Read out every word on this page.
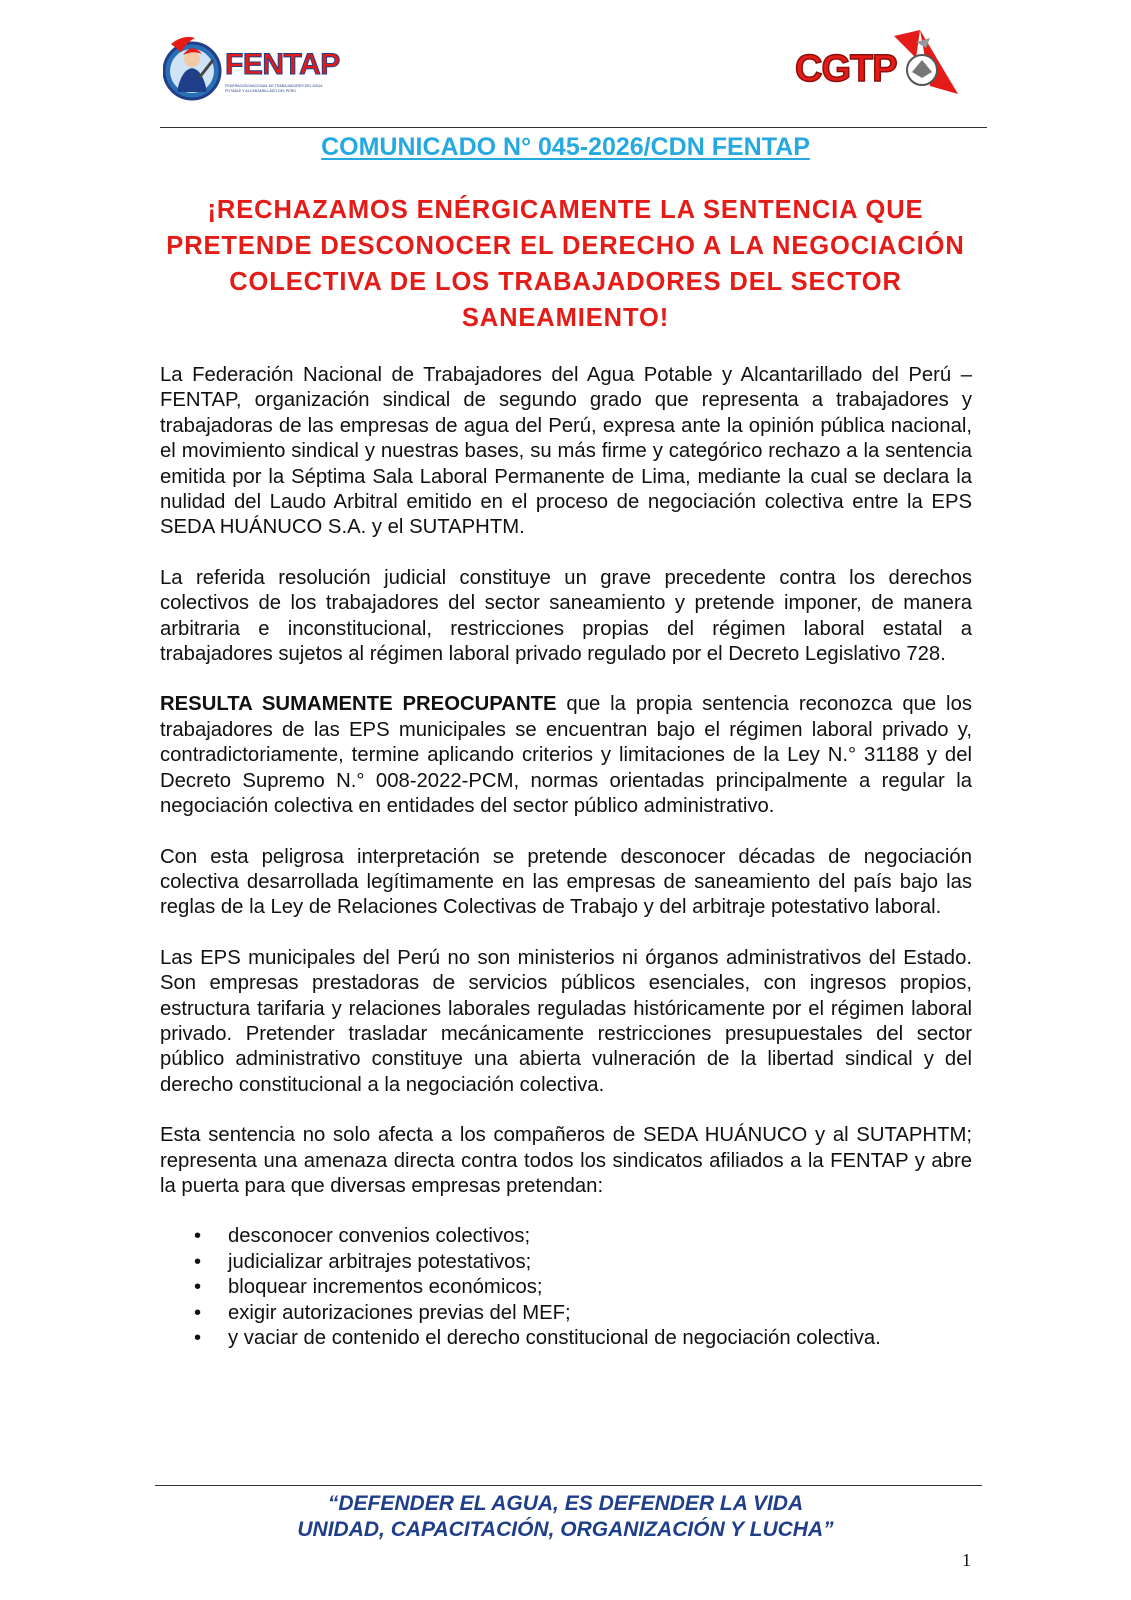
FENTAP
FEDERACIÓN NACIONAL DE TRABAJADORES DEL AGUA POTABLE Y ALCANTARILLADO DEL PERÚ
CGTP
COMUNICADO N° 045-2026/CDN FENTAP
¡RECHAZAMOS ENÉRGICAMENTE LA SENTENCIA QUE PRETENDE DESCONOCER EL DERECHO A LA NEGOCIACIÓN COLECTIVA DE LOS TRABAJADORES DEL SECTOR SANEAMIENTO!

La Federación Nacional de Trabajadores del Agua Potable y Alcantarillado del Perú – FENTAP, organización sindical de segundo grado que representa a trabajadores y trabajadoras de las empresas de agua del Perú, expresa ante la opinión pública nacional, el movimiento sindical y nuestras bases, su más firme y categórico rechazo a la sentencia emitida por la Séptima Sala Laboral Permanente de Lima, mediante la cual se declara la nulidad del Laudo Arbitral emitido en el proceso de negociación colectiva entre la EPS SEDA HUÁNUCO S.A. y el SUTAPHTM.

La referida resolución judicial constituye un grave precedente contra los derechos colectivos de los trabajadores del sector saneamiento y pretende imponer, de manera arbitraria e inconstitucional, restricciones propias del régimen laboral estatal a trabajadores sujetos al régimen laboral privado regulado por el Decreto Legislativo 728.

RESULTA SUMAMENTE PREOCUPANTE que la propia sentencia reconozca que los trabajadores de las EPS municipales se encuentran bajo el régimen laboral privado y, contradictoriamente, termine aplicando criterios y limitaciones de la Ley N.° 31188 y del Decreto Supremo N.° 008-2022-PCM, normas orientadas principalmente a regular la negociación colectiva en entidades del sector público administrativo.

Con esta peligrosa interpretación se pretende desconocer décadas de negociación colectiva desarrollada legítimamente en las empresas de saneamiento del país bajo las reglas de la Ley de Relaciones Colectivas de Trabajo y del arbitraje potestativo laboral.

Las EPS municipales del Perú no son ministerios ni órganos administrativos del Estado. Son empresas prestadoras de servicios públicos esenciales, con ingresos propios, estructura tarifaria y relaciones laborales reguladas históricamente por el régimen laboral privado. Pretender trasladar mecánicamente restricciones presupuestales del sector público administrativo constituye una abierta vulneración de la libertad sindical y del derecho constitucional a la negociación colectiva.

Esta sentencia no solo afecta a los compañeros de SEDA HUÁNUCO y al SUTAPHTM; representa una amenaza directa contra todos los sindicatos afiliados a la FENTAP y abre la puerta para que diversas empresas pretendan:

• desconocer convenios colectivos;
• judicializar arbitrajes potestativos;
• bloquear incrementos económicos;
• exigir autorizaciones previas del MEF;
• y vaciar de contenido el derecho constitucional de negociación colectiva.
“DEFENDER EL AGUA, ES DEFENDER LA VIDA
UNIDAD, CAPACITACIÓN, ORGANIZACIÓN Y LUCHA”
1
